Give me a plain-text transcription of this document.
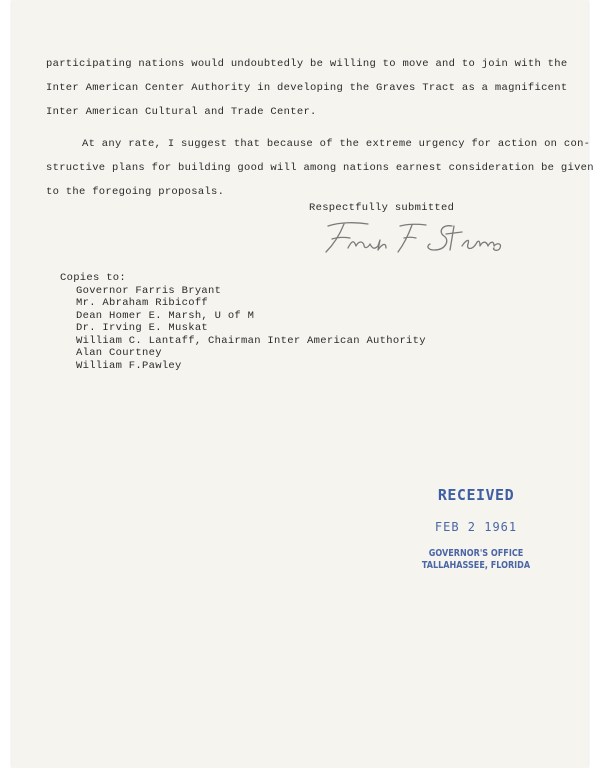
participating nations would undoubtedly be willing to move and to join with the
Inter American Center Authority in developing the Graves Tract as a magnificent
Inter American Cultural and Trade Center.

At any rate, I suggest that because of the extreme urgency for action on con-
structive plans for building good will among nations earnest consideration be given
to the foregoing proposals.

Respectfully submitted
Copies to:
Governor Farris Bryant
Mr. Abraham Ribicoff
Dean Homer E. Marsh, U of M
Dr. Irving E. Muskat
William C. Lantaff, Chairman Inter American Authority
Alan Courtney
William F.Pawley
RECEIVED
FEB 2 1961
GOVERNOR'S OFFICE
TALLAHASSEE, FLORIDA
